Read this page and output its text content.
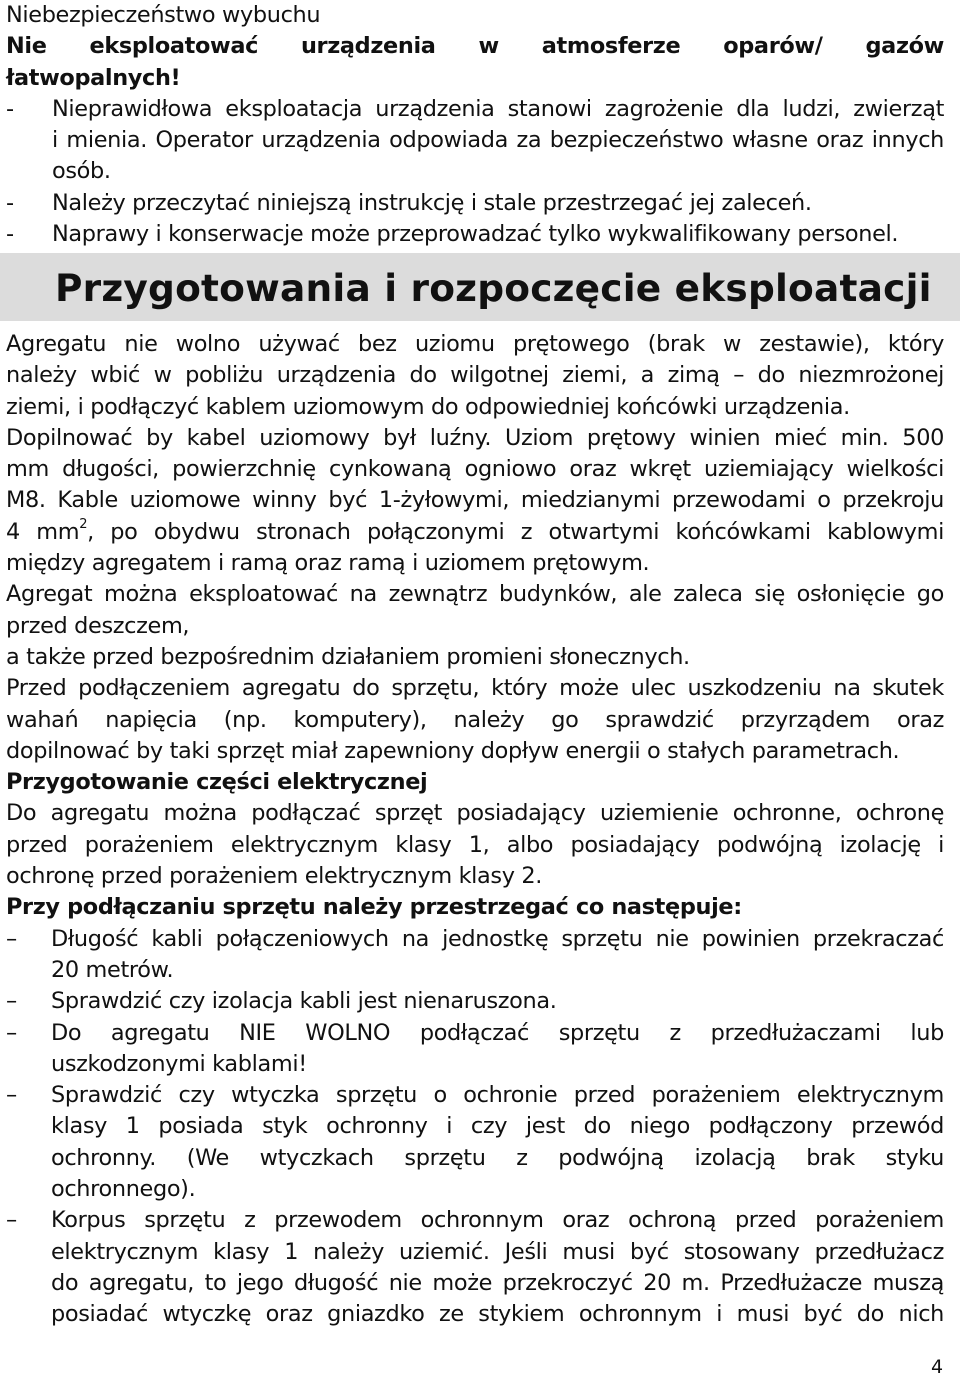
Niebezpieczeństwo wybuchu

Nie eksploatować urządzenia w atmosferze oparów/ gazów

łatwopalnych!

-	Nieprawidłowa eksploatacja urządzenia stanowi zagrożenie dla ludzi, zwierząt

i mienia. Operator urządzenia odpowiada za bezpieczeństwo własne oraz innych

osób.

-	Należy przeczytać niniejszą instrukcję i stale przestrzegać jej zaleceń.

-	Naprawy i konserwacje może przeprowadzać tylko wykwalifikowany personel.

Przygotowania i rozpoczęcie eksploatacji

Agregatu nie wolno używać bez uziomu prętowego (brak w zestawie), który

należy wbić w pobliżu urządzenia do wilgotnej ziemi, a zimą – do niezmrożonej

ziemi, i podłączyć kablem uziomowym do odpowiedniej końcówki urządzenia.

Dopilnować by kabel uziomowy był luźny. Uziom prętowy winien mieć min. 500

mm długości, powierzchnię cynkowaną ogniowo oraz wkręt uziemiający wielkości

M8. Kable uziomowe winny być 1-żyłowymi, miedzianymi przewodami o przekroju

4 $mm^2$, po obydwu stronach połączonymi z otwartymi końcówkami kablowymi

między agregatem i ramą oraz ramą i uziomem prętowym.

Agregat można eksploatować na zewnątrz budynków, ale zaleca się osłonięcie go

przed deszczem,

a także przed bezpośrednim działaniem promieni słonecznych.

Przed podłączeniem agregatu do sprzętu, który może ulec uszkodzeniu na skutek

wahań napięcia (np. komputery), należy go sprawdzić przyrządem oraz

dopilnować by taki sprzęt miał zapewniony dopływ energii o stałych parametrach.

Przygotowanie części elektrycznej

Do agregatu można podłączać sprzęt posiadający uziemienie ochronne, ochronę

przed porażeniem elektrycznym klasy 1, albo posiadający podwójną izolację i

ochronę przed porażeniem elektrycznym klasy 2.

Przy podłączaniu sprzętu należy przestrzegać co następuje:

–	Długość kabli połączeniowych na jednostkę sprzętu nie powinien przekraczać

20 metrów.

–	Sprawdzić czy izolacja kabli jest nienaruszona.

–	Do agregatu NIE WOLNO podłączać sprzętu z przedłużaczami lub

uszkodzonymi kablami!

–	Sprawdzić czy wtyczka sprzętu o ochronie przed porażeniem elektrycznym

klasy 1 posiada styk ochronny i czy jest do niego podłączony przewód

ochronny. (We wtyczkach sprzętu z podwójną izolacją brak styku

ochronnego).

–	Korpus sprzętu z przewodem ochronnym oraz ochroną przed porażeniem

elektrycznym klasy 1 należy uziemić. Jeśli musi być stosowany przedłużacz

do agregatu, to jego długość nie może przekroczyć 20 m. Przedłużacze muszą

posiadać wtyczkę oraz gniazdko ze stykiem ochronnym i musi być do nich

4
